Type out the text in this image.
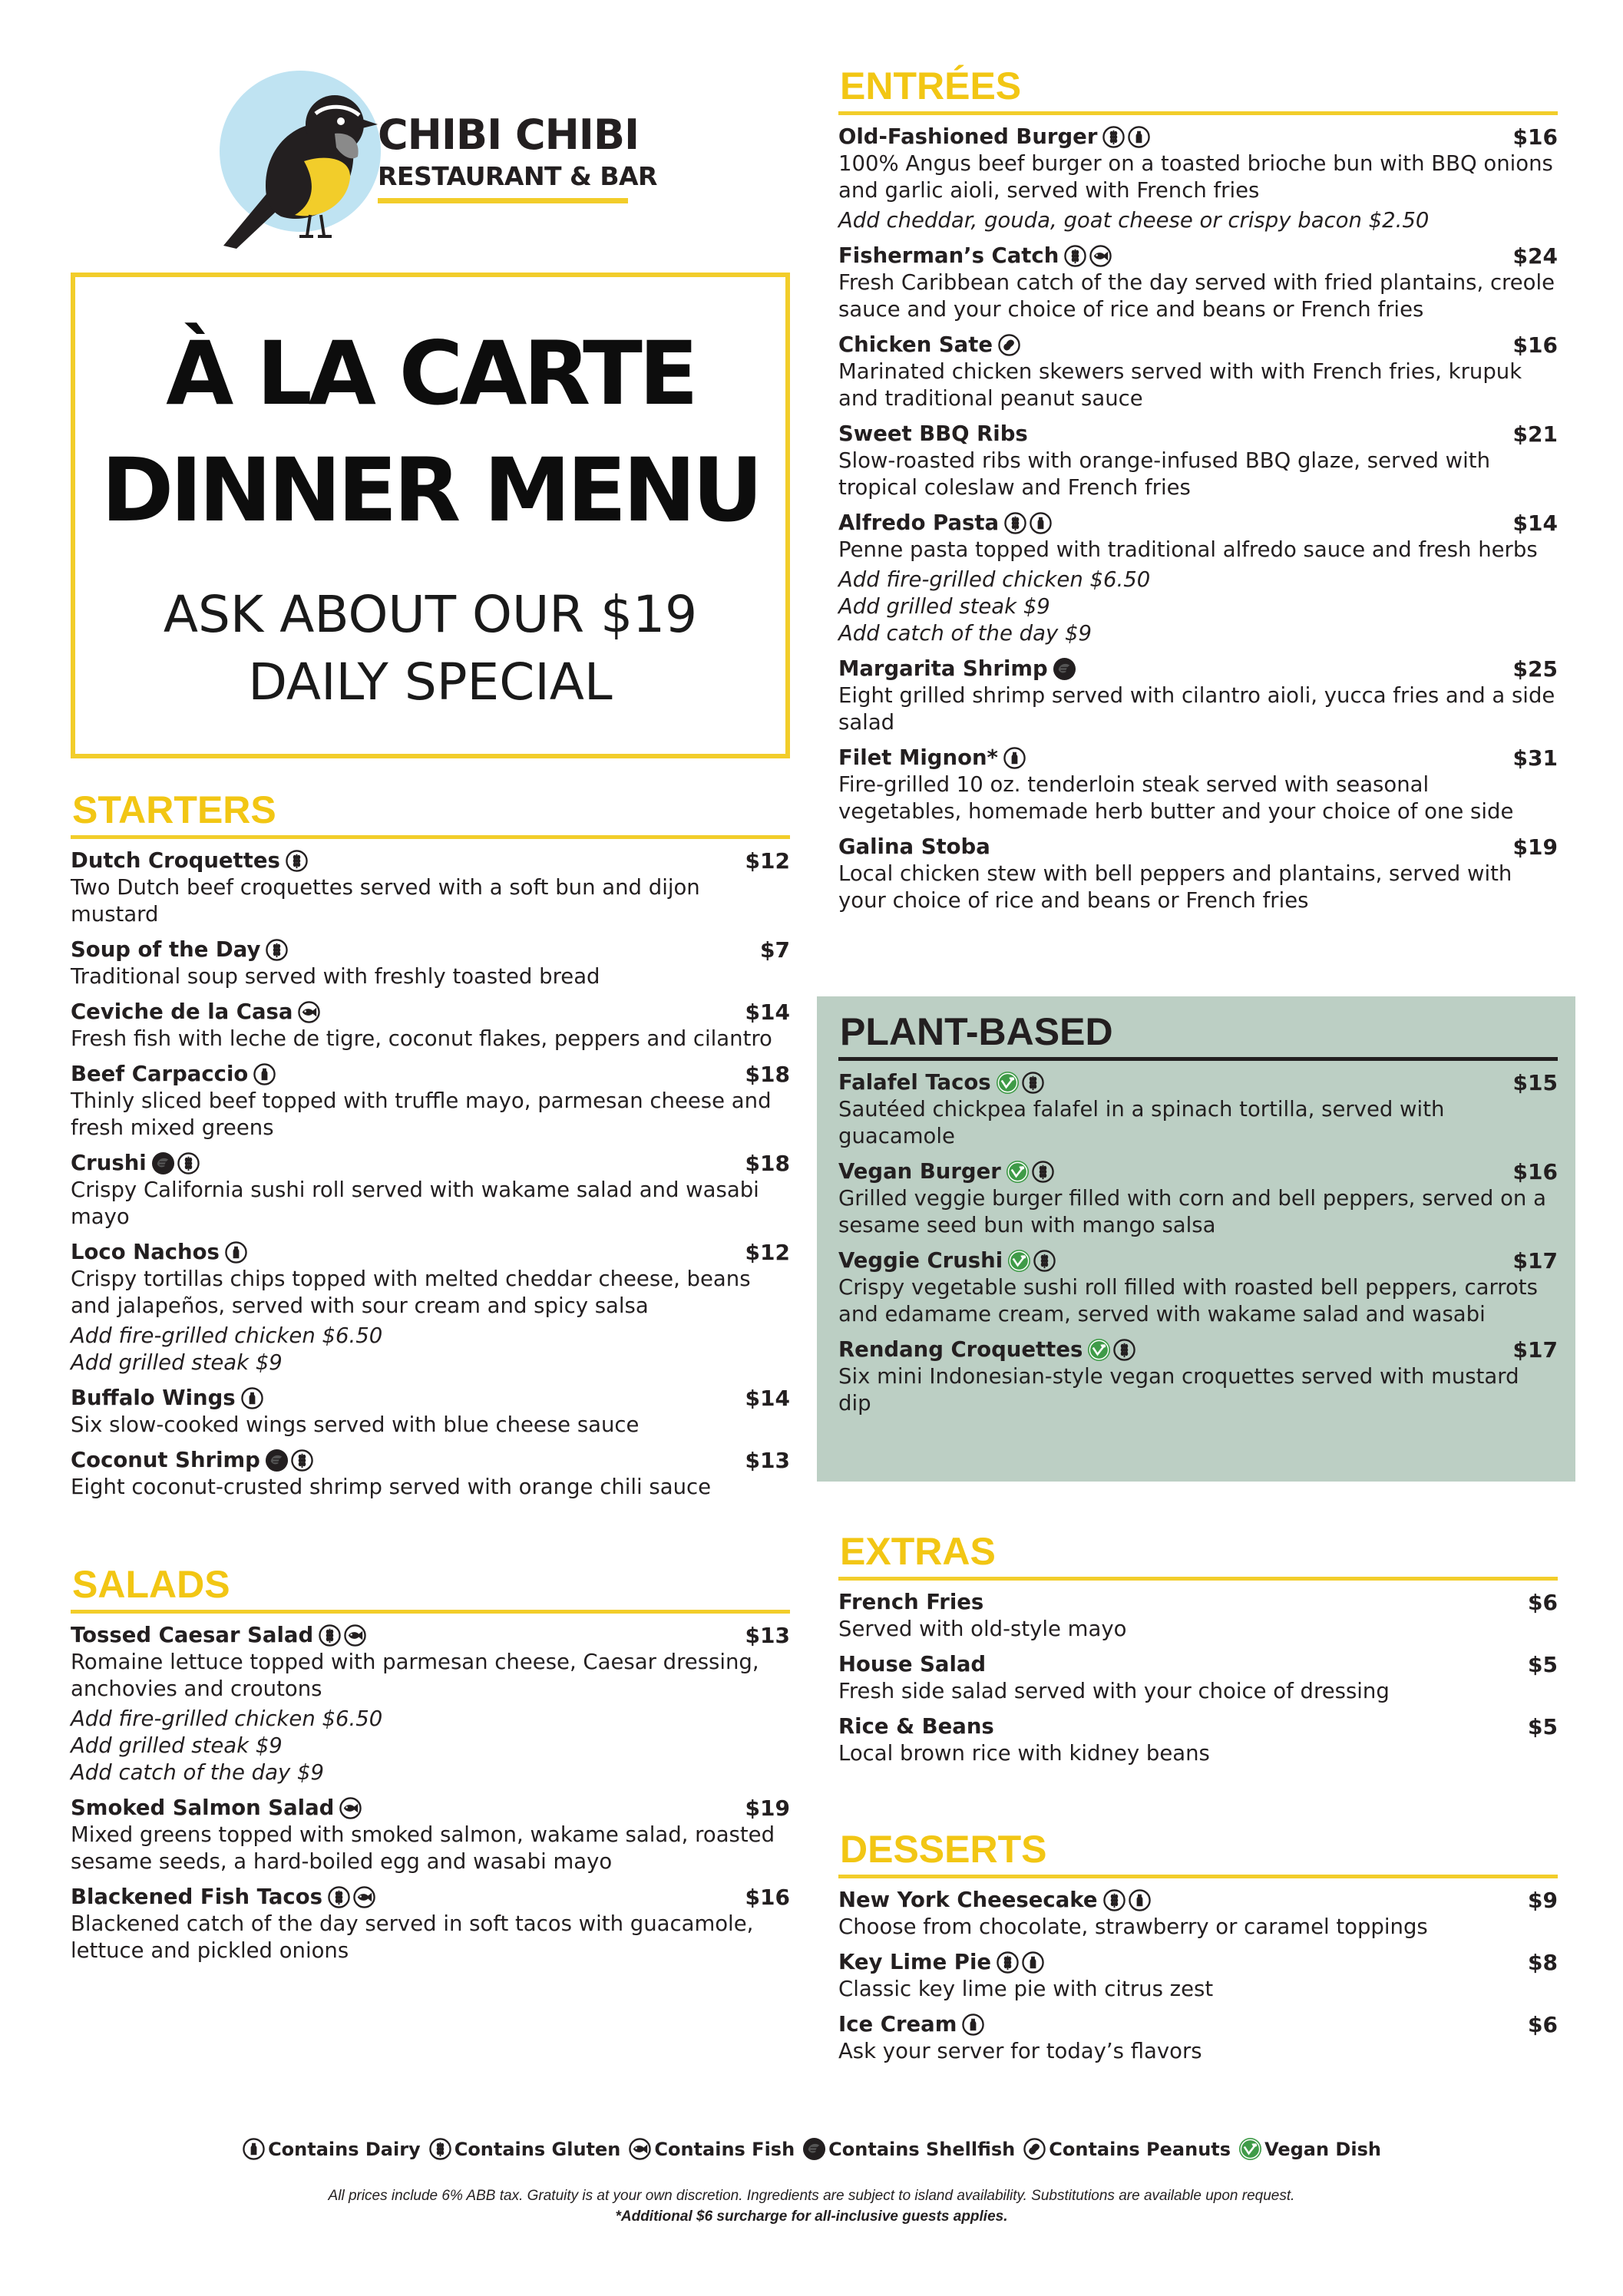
CHIBI CHIBI
RESTAURANT & BAR
À LA CARTE
DINNER MENU
ASK ABOUT OUR $19
DAILY SPECIAL
STARTERS
Dutch Croquettes	$12
Two Dutch beef croquettes served with a soft bun and dijon mustard
Soup of the Day	$7
Traditional soup served with freshly toasted bread
Ceviche de la Casa	$14
Fresh fish with leche de tigre, coconut flakes, peppers and cilantro
Beef Carpaccio	$18
Thinly sliced beef topped with truffle mayo, parmesan cheese and fresh mixed greens
Crushi	$18
Crispy California sushi roll served with wakame salad and wasabi mayo
Loco Nachos	$12
Crispy tortillas chips topped with melted cheddar cheese, beans and jalapeños, served with sour cream and spicy salsa
Add fire-grilled chicken $6.50
Add grilled steak $9
Buffalo Wings	$14
Six slow-cooked wings served with blue cheese sauce
Coconut Shrimp	$13
Eight coconut-crusted shrimp served with orange chili sauce
SALADS
Tossed Caesar Salad	$13
Romaine lettuce topped with parmesan cheese, Caesar dressing, anchovies and croutons
Add fire-grilled chicken $6.50
Add grilled steak $9
Add catch of the day $9
Smoked Salmon Salad	$19
Mixed greens topped with smoked salmon, wakame salad, roasted sesame seeds, a hard-boiled egg and wasabi mayo
Blackened Fish Tacos	$16
Blackened catch of the day served in soft tacos with guacamole, lettuce and pickled onions
ENTRÉES
Old-Fashioned Burger	$16
100% Angus beef burger on a toasted brioche bun with BBQ onions and garlic aioli, served with French fries
Add cheddar, gouda, goat cheese or crispy bacon $2.50
Fisherman’s Catch	$24
Fresh Caribbean catch of the day served with fried plantains, creole sauce and your choice of rice and beans or French fries
Chicken Sate	$16
Marinated chicken skewers served with with French fries, krupuk and traditional peanut sauce
Sweet BBQ Ribs	$21
Slow-roasted ribs with orange-infused BBQ glaze, served with tropical coleslaw and French fries
Alfredo Pasta	$14
Penne pasta topped with traditional alfredo sauce and fresh herbs
Add fire-grilled chicken $6.50
Add grilled steak $9
Add catch of the day $9
Margarita Shrimp	$25
Eight grilled shrimp served with cilantro aioli, yucca fries and a side salad
Filet Mignon*	$31
Fire-grilled 10 oz. tenderloin steak served with seasonal vegetables, homemade herb butter and your choice of one side
Galina Stoba	$19
Local chicken stew with bell peppers and plantains, served with your choice of rice and beans or French fries
PLANT-BASED
Falafel Tacos	$15
Sautéed chickpea falafel in a spinach tortilla, served with guacamole
Vegan Burger	$16
Grilled veggie burger filled with corn and bell peppers, served on a sesame seed bun with mango salsa
Veggie Crushi	$17
Crispy vegetable sushi roll filled with roasted bell peppers, carrots and edamame cream, served with wakame salad and wasabi
Rendang Croquettes	$17
Six mini Indonesian-style vegan croquettes served with mustard dip
EXTRAS
French Fries	$6
Served with old-style mayo
House Salad	$5
Fresh side salad served with your choice of dressing
Rice & Beans	$5
Local brown rice with kidney beans
DESSERTS
New York Cheesecake	$9
Choose from chocolate, strawberry or caramel toppings
Key Lime Pie	$8
Classic key lime pie with citrus zest
Ice Cream	$6
Ask your server for today’s flavors
Contains Dairy Contains Gluten Contains Fish Contains Shellfish Contains Peanuts Vegan Dish
All prices include 6% ABB tax. Gratuity is at your own discretion. Ingredients are subject to island availability. Substitutions are available upon request.
*Additional $6 surcharge for all-inclusive guests applies.
